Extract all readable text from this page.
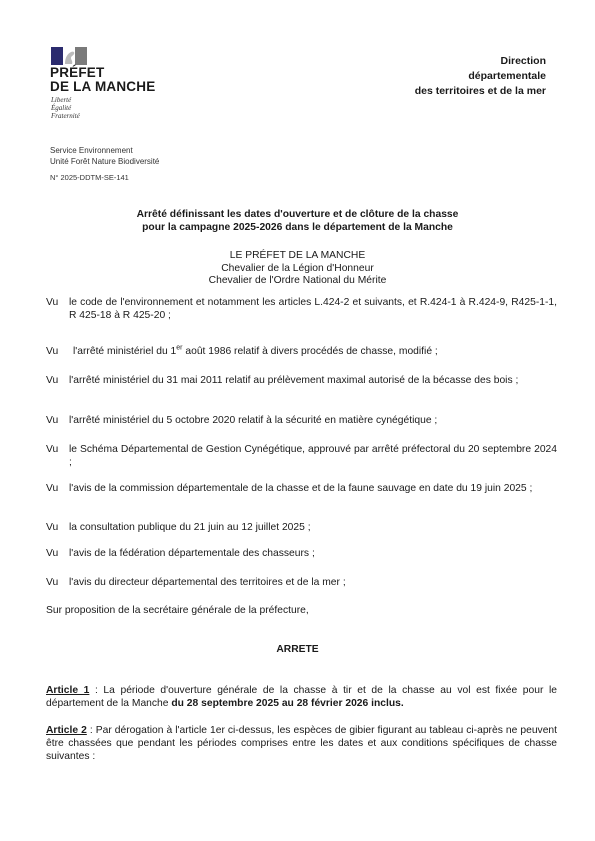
PRÉFET
DE LA MANCHE
Liberté
Égalité
Fraternité
Direction
départementale
des territoires et de la mer
Service Environnement
Unité Forêt Nature Biodiversité
N° 2025-DDTM-SE-141
Arrêté définissant les dates d'ouverture et de clôture de la chasse
pour la campagne 2025-2026 dans le département de la Manche
LE PRÉFET DE LA MANCHE
Chevalier de la Légion d'Honneur
Chevalier de l'Ordre National du Mérite
Vu le code de l'environnement et notamment les articles L.424-2 et suivants, et R.424-1 à R.424-9, R425-1-1, R 425-18 à R 425-20 ;
Vu l'arrêté ministériel du 1er août 1986 relatif à divers procédés de chasse, modifié ;
Vu l'arrêté ministériel du 31 mai 2011 relatif au prélèvement maximal autorisé de la bécasse des bois ;
Vu l'arrêté ministériel du 5 octobre 2020 relatif à la sécurité en matière cynégétique ;
Vu le Schéma Départemental de Gestion Cynégétique, approuvé par arrêté préfectoral du 20 septembre 2024 ;
Vu l'avis de la commission départementale de la chasse et de la faune sauvage en date du 19 juin 2025 ;
Vu la consultation publique du 21 juin au 12 juillet 2025 ;
Vu l'avis de la fédération départementale des chasseurs ;
Vu l'avis du directeur départemental des territoires et de la mer ;
Sur proposition de la secrétaire générale de la préfecture,
ARRETE
Article 1 : La période d'ouverture générale de la chasse à tir et de la chasse au vol est fixée pour le département de la Manche du 28 septembre 2025 au 28 février 2026 inclus.
Article 2 : Par dérogation à l'article 1er ci-dessus, les espèces de gibier figurant au tableau ci-après ne peuvent être chassées que pendant les périodes comprises entre les dates et aux conditions spécifiques de chasse suivantes :
